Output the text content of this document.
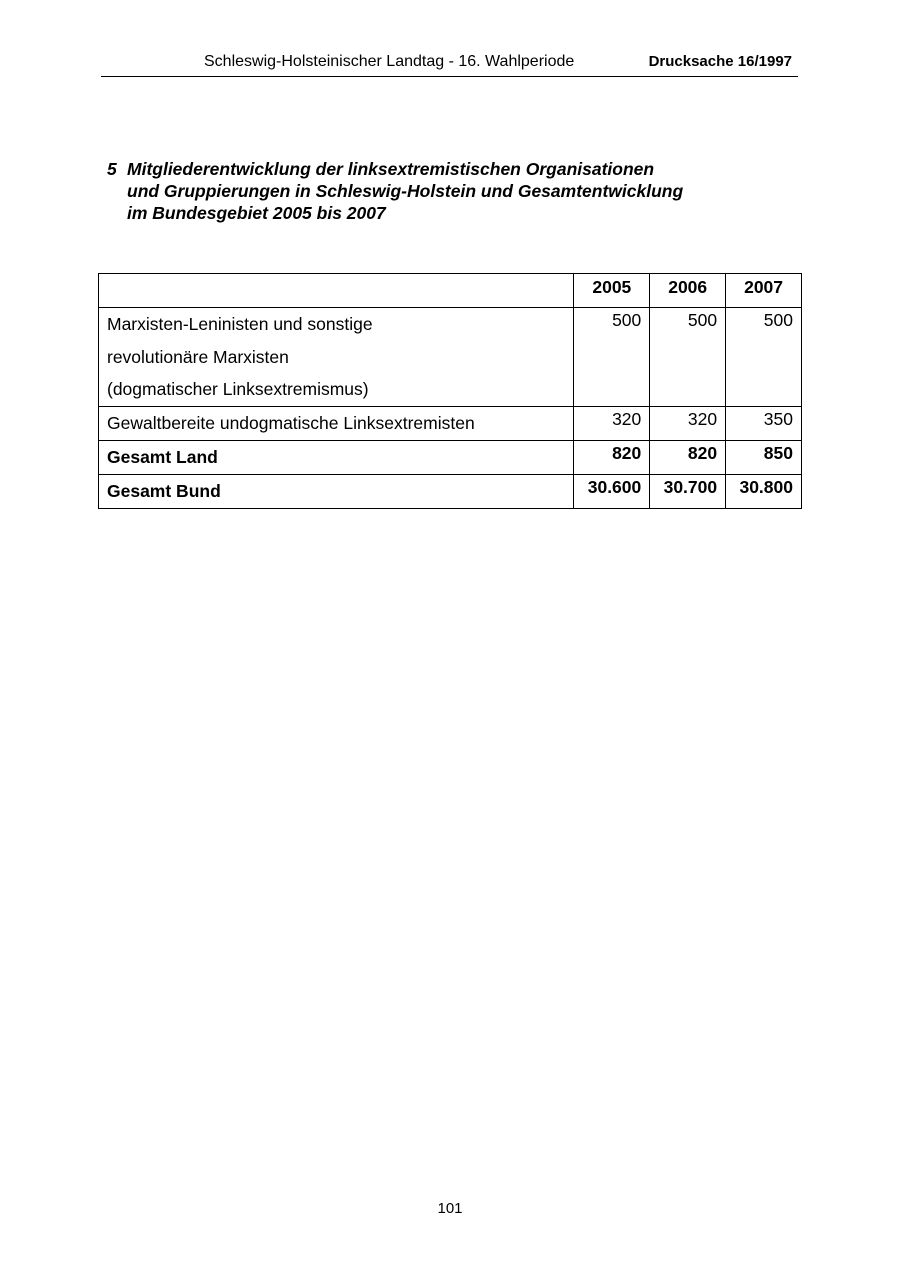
Schleswig-Holsteinischer Landtag - 16. Wahlperiode	Drucksache 16/1997
5 Mitgliederentwicklung der linksextremistischen Organisationen
und Gruppierungen in Schleswig-Holstein und Gesamtentwicklung
im Bundesgebiet 2005 bis 2007
	2005	2006	2007

Marxisten-Leninisten und sonstige
revolutionäre Marxisten
(dogmatischer Linksextremismus)	500	500	500
Gewaltbereite undogmatische Linksextremisten	320	320	350
Gesamt Land	820	820	850
Gesamt Bund	30.600	30.700	30.800
101
